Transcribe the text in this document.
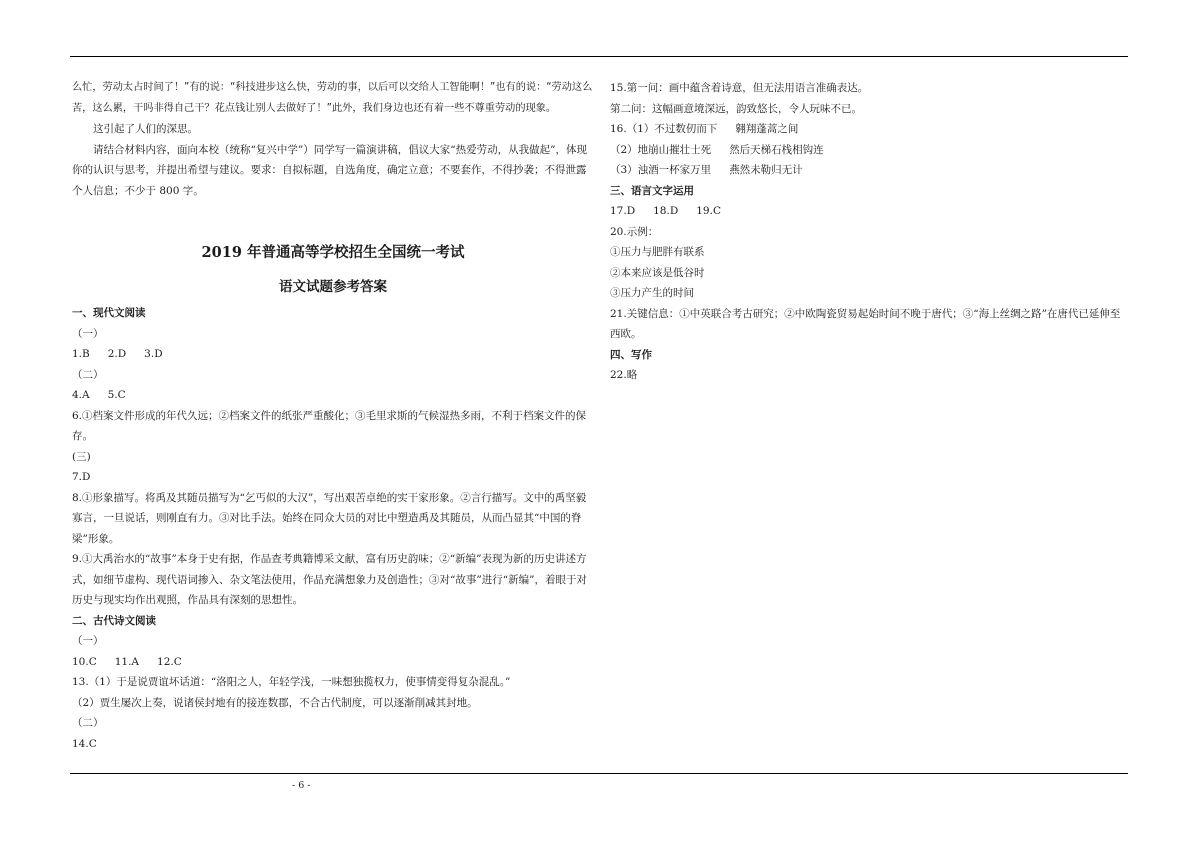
么忙，劳动太占时间了！”有的说：“科技进步这么快，劳动的事，以后可以交给人工智能啊！”也有的说：“劳动这么苦，这么累，干吗非得自己干？花点钱让别人去做好了！”此外，我们身边也还有着一些不尊重劳动的现象。

这引起了人们的深思。

请结合材料内容，面向本校（统称“复兴中学”）同学写一篇演讲稿，倡议大家“热爱劳动，从我做起”，体现你的认识与思考，并提出希望与建议。要求：自拟标题，自选角度，确定立意；不要套作，不得抄袭；不得泄露个人信息；不少于 800 字。

2019 年普通高等学校招生全国统一考试
语文试题参考答案

一、现代文阅读

（一）

1.B 2.D 3.D

（二）

4.A 5.C

6.①档案文件形成的年代久远；②档案文件的纸张严重酸化；③毛里求斯的气候湿热多雨，不利于档案文件的保存。

(三)

7.D

8.①形象描写。将禹及其随员描写为“乞丐似的大汉”，写出艰苦卓绝的实干家形象。②言行描写。文中的禹坚毅寡言，一旦说话，则刚直有力。③对比手法。始终在同众大员的对比中塑造禹及其随员，从而凸显其“中国的脊梁”形象。

9.①大禹治水的“故事”本身于史有据，作品查考典籍博采文献，富有历史韵味；②“新编”表现为新的历史讲述方式，如细节虚构、现代语词掺入、杂文笔法使用，作品充满想象力及创造性；③对“故事”进行“新编”，着眼于对历史与现实均作出观照，作品具有深刻的思想性。

二、古代诗文阅读

（一）

10.C 11.A 12.C

13.（1）于是说贾谊坏话道：“洛阳之人，年轻学浅，一味想独揽权力，使事情变得复杂混乱。”

（2）贾生屡次上奏，说诸侯封地有的接连数郡，不合古代制度，可以逐渐削减其封地。

（二）

14.C

15.第一问：画中蕴含着诗意，但无法用语言准确表达。

第二问：这幅画意境深远，韵致悠长，令人玩味不已。

16.（1）不过数仞而下 翱翔蓬蒿之间

（2）地崩山摧壮士死 然后天梯石栈相钩连

（3）浊酒一杯家万里 燕然未勒归无计

三、语言文字运用

17.D 18.D 19.C

20.示例：

①压力与肥胖有联系

②本来应该是低谷时

③压力产生的时间

21.关键信息：①中英联合考古研究；②中欧陶瓷贸易起始时间不晚于唐代；③“海上丝绸之路”在唐代已延伸至西欧。

四、写作

22.略

- 6 -
